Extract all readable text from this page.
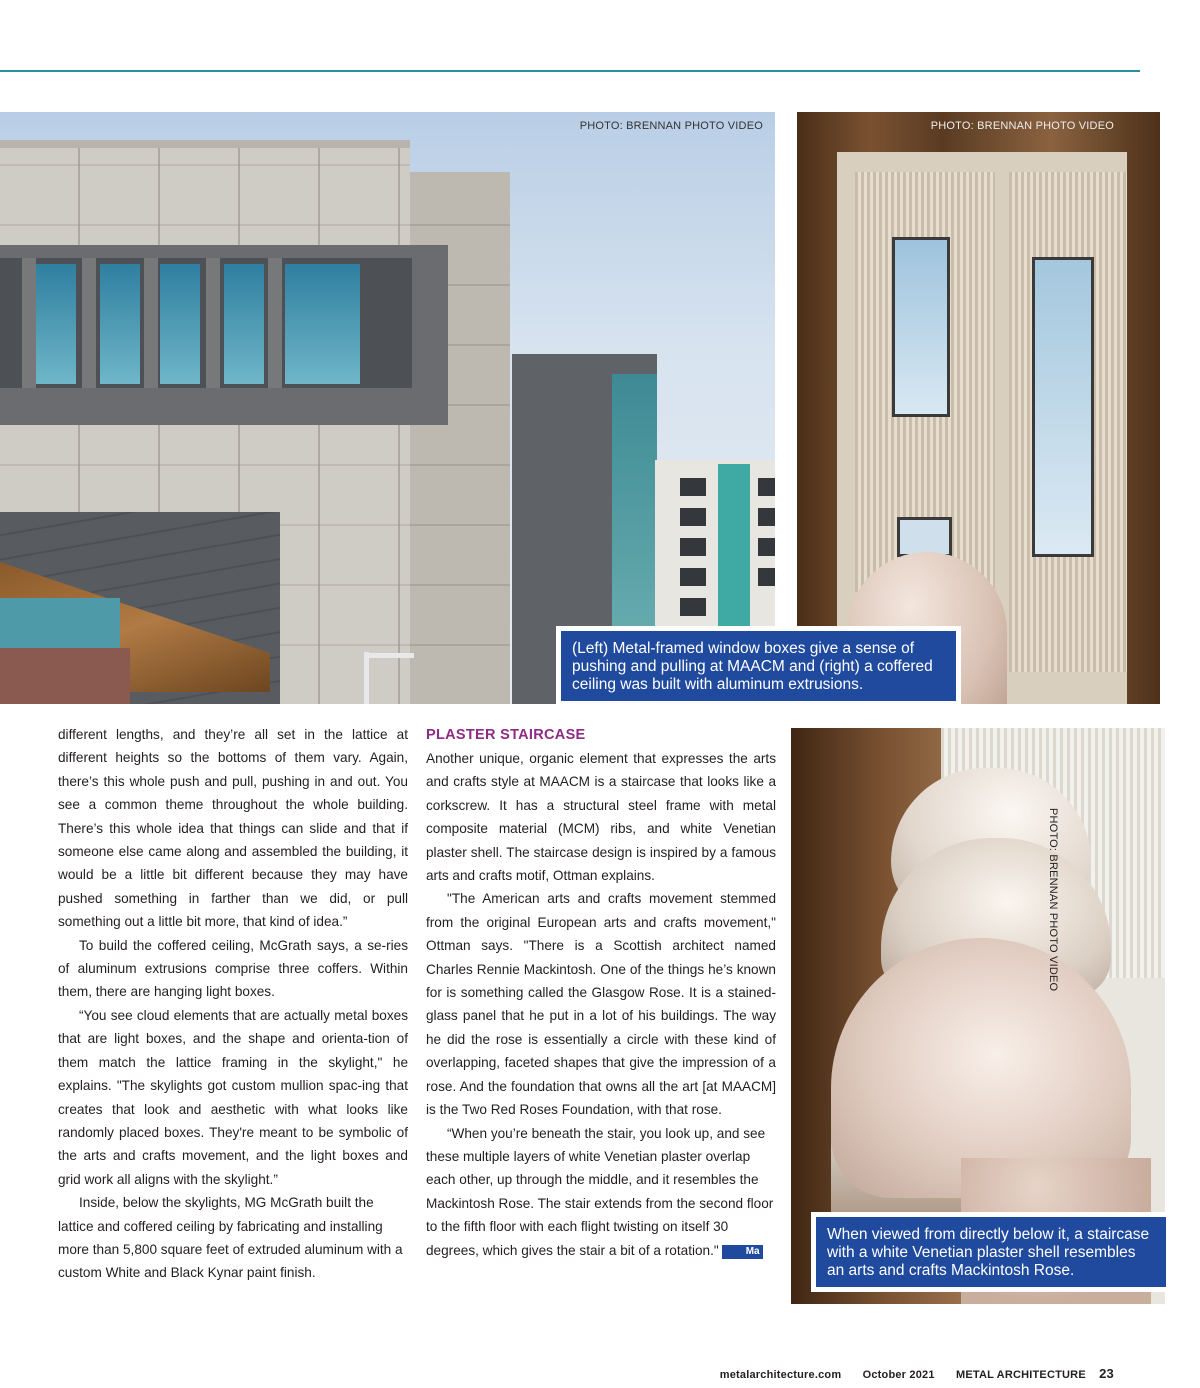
PHOTO: BRENNAN PHOTO VIDEO	PHOTO: BRENNAN PHOTO VIDEO
(Left) Metal-framed window boxes give a sense of pushing and pulling at MAACM and (right) a coffered ceiling was built with aluminum extrusions.
PHOTO: BRENNAN PHOTO VIDEO
When viewed from directly below it, a staircase with a white Venetian plaster shell resembles an arts and crafts Mackintosh Rose.

different lengths, and they’re all set in the lattice at different heights so the bottoms of them vary. Again, there’s this whole push and pull, pushing in and out. You see a common theme throughout the whole building. There’s this whole idea that things can slide and that if someone else came along and assembled the building, it would be a little bit different because they may have pushed something in farther than we did, or pull something out a little bit more, that kind of idea.”

To build the coffered ceiling, McGrath says, a se-ries of aluminum extrusions comprise three coffers. Within them, there are hanging light boxes.

“You see cloud elements that are actually metal boxes that are light boxes, and the shape and orienta-tion of them match the lattice framing in the skylight," he explains. "The skylights got custom mullion spac-ing that creates that look and aesthetic with what looks like randomly placed boxes. They're meant to be symbolic of the arts and crafts movement, and the light boxes and grid work all aligns with the skylight.”

Inside, below the skylights, MG McGrath built the lattice and coffered ceiling by fabricating and installing more than 5,800 square feet of extruded aluminum with a custom White and Black Kynar paint finish.

PLASTER STAIRCASE

Another unique, organic element that expresses the arts and crafts style at MAACM is a staircase that looks like a corkscrew. It has a structural steel frame with metal composite material (MCM) ribs, and white Venetian plaster shell. The staircase design is inspired by a famous arts and crafts motif, Ottman explains.

"The American arts and crafts movement stemmed from the original European arts and crafts movement," Ottman says. "There is a Scottish architect named Charles Rennie Mackintosh. One of the things he’s known for is something called the Glasgow Rose. It is a stained-glass panel that he put in a lot of his buildings. The way he did the rose is essentially a circle with these kind of overlapping, faceted shapes that give the impression of a rose. And the foundation that owns all the art [at MAACM] is the Two Red Roses Foundation, with that rose.

“When you’re beneath the stair, you look up, and see these multiple layers of white Venetian plaster overlap each other, up through the middle, and it resembles the Mackintosh Rose. The stair extends from the second floor to the fifth floor with each flight twisting on itself 30 degrees, which gives the stair a bit of a rotation."	Ma

metalarchitecture.com October 2021 METAL ARCHITECTURE 23
